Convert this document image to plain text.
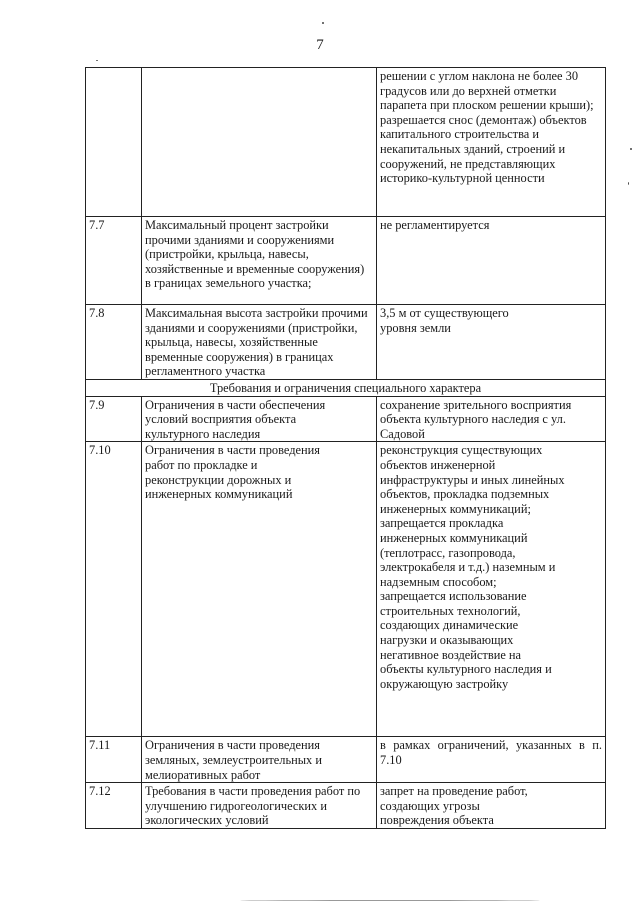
7

		решении с углом наклона не более 30 градусов или до верхней отметки парапета при плоском решении крыши);
разрешается снос (демонтаж) объектов капитального строительства и некапитальных зданий, строений и сооружений, не представляющих историко-культурной ценности

7.7	Максимальный процент застройки прочими зданиями и сооружениями (пристройки, крыльца, навесы, хозяйственные и временные сооружения) в границах земельного участка;	не регламентируется
7.8	Максимальная высота застройки прочими зданиями и сооружениями (пристройки, крыльца, навесы, хозяйственные временные сооружения) в границах регламентного участка	3,5 м от существующего уровня земли

Требования и ограничения специального характера		
7.9	Ограничения в части обеспечения условий восприятия объекта культурного наследия	сохранение зрительного восприятия объекта культурного наследия с ул. Садовой
7.10	Ограничения в части проведения работ по прокладке и реконструкции дорожных и инженерных коммуникаций	реконструкция существующих объектов инженерной инфраструктуры и иных линейных объектов, прокладка подземных инженерных коммуникаций;
запрещается прокладка инженерных коммуникаций (теплотрасс, газопровода, электрокабеля и т.д.) наземным и надземным способом;
запрещается использование строительных технологий, создающих динамические нагрузки и оказывающих негативное воздействие на объекты культурного наследия и окружающую застройку

7.11	Ограничения в части проведения земляных, землеустроительных и мелиоративных работ	в рамках ограничений, указанных в п. 7.10
7.12	Требования в части проведения работ по улучшению гидрогеологических и экологических условий	запрет на проведение работ, создающих угрозы повреждения объекта
